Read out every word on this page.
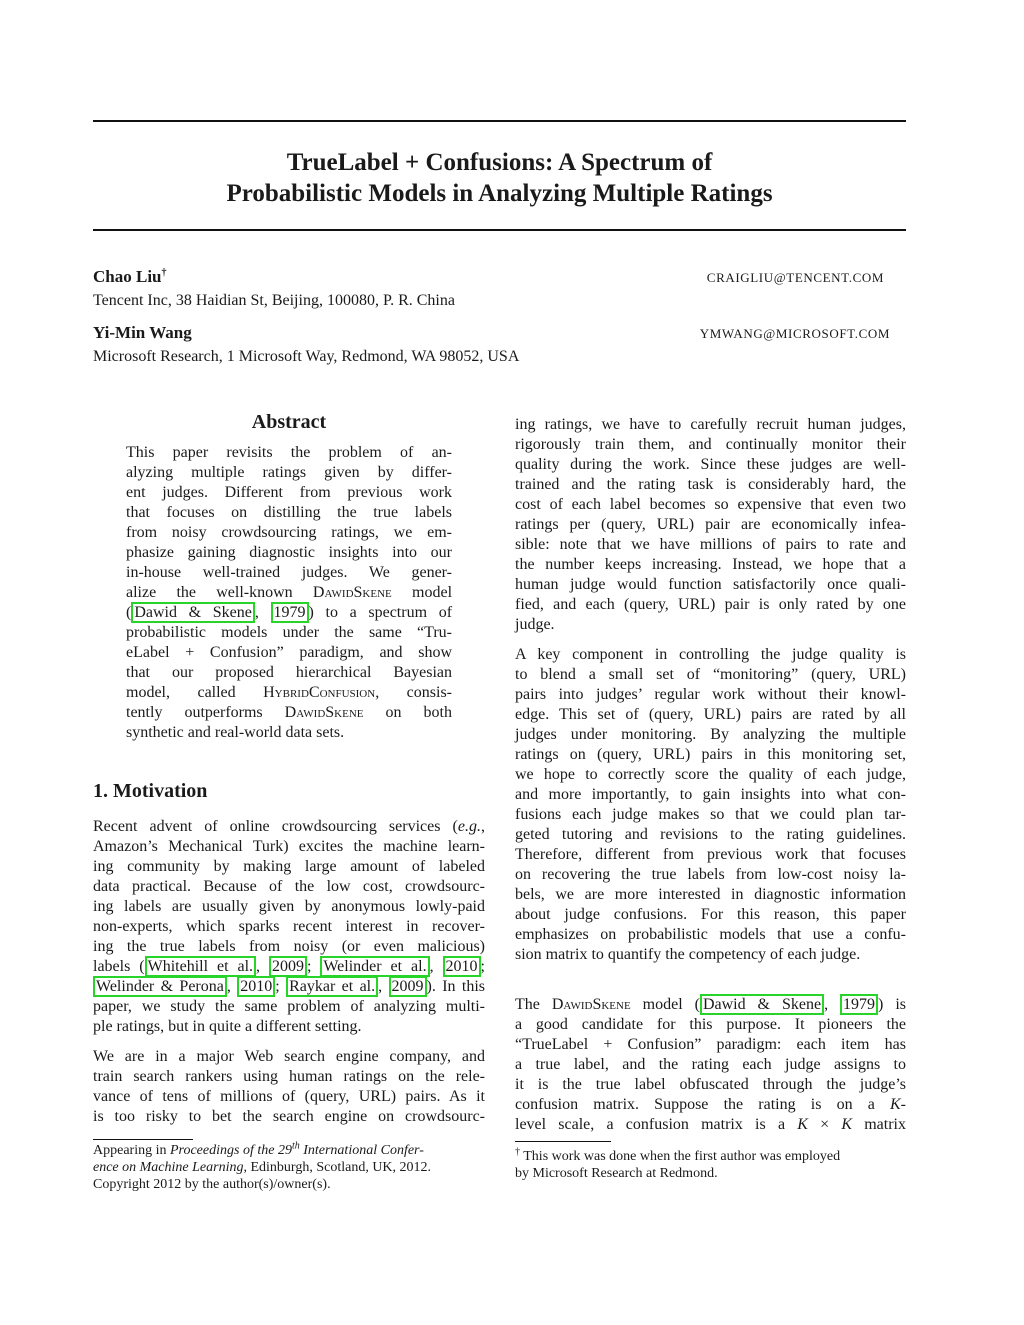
TrueLabel + Confusions: A Spectrum of
Probabilistic Models in Analyzing Multiple Ratings
Chao Liu†	CRAIGLIU@TENCENT.COM
Tencent Inc, 38 Haidian St, Beijing, 100080, P. R. China
Yi-Min Wang	YMWANG@MICROSOFT.COM
Microsoft Research, 1 Microsoft Way, Redmond, WA 98052, USA
Abstract
This paper revisits the problem of an-
alyzing multiple ratings given by differ-
ent judges. Different from previous work
that focuses on distilling the true labels
from noisy crowdsourcing ratings, we em-
phasize gaining diagnostic insights into our
in-house well-trained judges. We gener-
alize the well-known DawidSkene model
( Dawid & Skene , 1979 ) to a spectrum of
probabilistic models under the same “Tru-
eLabel + Confusion” paradigm, and show
that our proposed hierarchical Bayesian
model, called HybridConfusion, consis-
tently outperforms DawidSkene on both
synthetic and real-world data sets.
1. Motivation
Recent advent of online crowdsourcing services (e.g.,
Amazon’s Mechanical Turk) excites the machine learn-
ing community by making large amount of labeled
data practical. Because of the low cost, crowdsourc-
ing labels are usually given by anonymous lowly-paid
non-experts, which sparks recent interest in recover-
ing the true labels from noisy (or even malicious)
labels ( Whitehill et al. , 2009 ; Welinder et al. , 2010 ;
Welinder & Perona , 2010 ; Raykar et al. , 2009 ). In this
paper, we study the same problem of analyzing multi-
ple ratings, but in quite a different setting.
We are in a major Web search engine company, and
train search rankers using human ratings on the rele-
vance of tens of millions of (query, URL) pairs. As it
is too risky to bet the search engine on crowdsourc-
Appearing in Proceedings of the 29th International Confer-
ence on Machine Learning, Edinburgh, Scotland, UK, 2012.
Copyright 2012 by the author(s)/owner(s).
ing ratings, we have to carefully recruit human judges,
rigorously train them, and continually monitor their
quality during the work. Since these judges are well-
trained and the rating task is considerably hard, the
cost of each label becomes so expensive that even two
ratings per (query, URL) pair are economically infea-
sible: note that we have millions of pairs to rate and
the number keeps increasing. Instead, we hope that a
human judge would function satisfactorily once quali-
fied, and each (query, URL) pair is only rated by one
judge.
A key component in controlling the judge quality is
to blend a small set of “monitoring” (query, URL)
pairs into judges’ regular work without their knowl-
edge. This set of (query, URL) pairs are rated by all
judges under monitoring. By analyzing the multiple
ratings on (query, URL) pairs in this monitoring set,
we hope to correctly score the quality of each judge,
and more importantly, to gain insights into what con-
fusions each judge makes so that we could plan tar-
geted tutoring and revisions to the rating guidelines.
Therefore, different from previous work that focuses
on recovering the true labels from low-cost noisy la-
bels, we are more interested in diagnostic information
about judge confusions. For this reason, this paper
emphasizes on probabilistic models that use a confu-
sion matrix to quantify the competency of each judge.
The DawidSkene model ( Dawid & Skene , 1979 ) is
a good candidate for this purpose. It pioneers the
“TrueLabel + Confusion” paradigm: each item has
a true label, and the rating each judge assigns to
it is the true label obfuscated through the judge’s
confusion matrix. Suppose the rating is on a K-
level scale, a confusion matrix is a K × K matrix
† This work was done when the first author was employed
by Microsoft Research at Redmond.
